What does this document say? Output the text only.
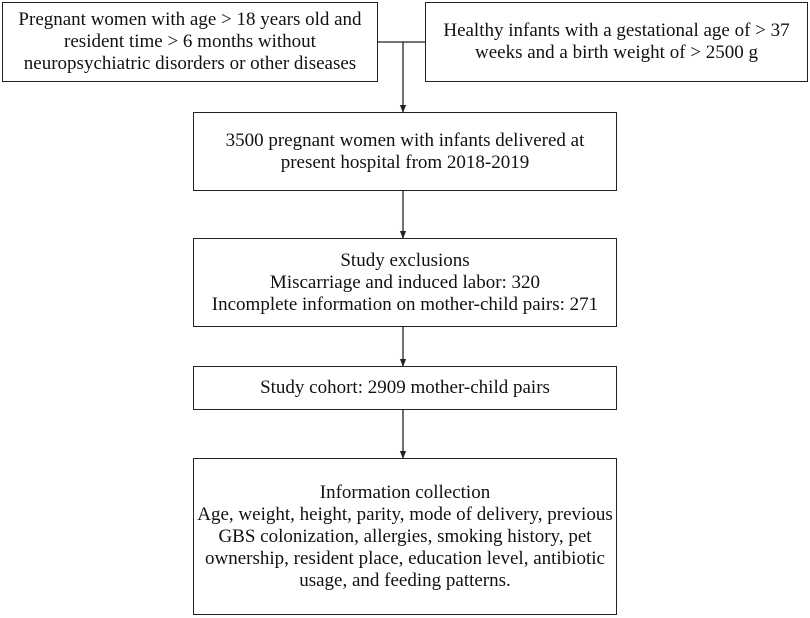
Pregnant women with age > 18 years old and
resident time > 6 months without
neuropsychiatric disorders or other diseases
Healthy infants with a gestational age of > 37
weeks and a birth weight of > 2500 g
3500 pregnant women with infants delivered at
present hospital from 2018-2019
Study exclusions
Miscarriage and induced labor: 320
Incomplete information on mother-child pairs: 271
Study cohort: 2909 mother-child pairs
Information collection
Age, weight, height, parity, mode of delivery, previous
GBS colonization, allergies, smoking history, pet
ownership, resident place, education level, antibiotic
usage, and feeding patterns.
